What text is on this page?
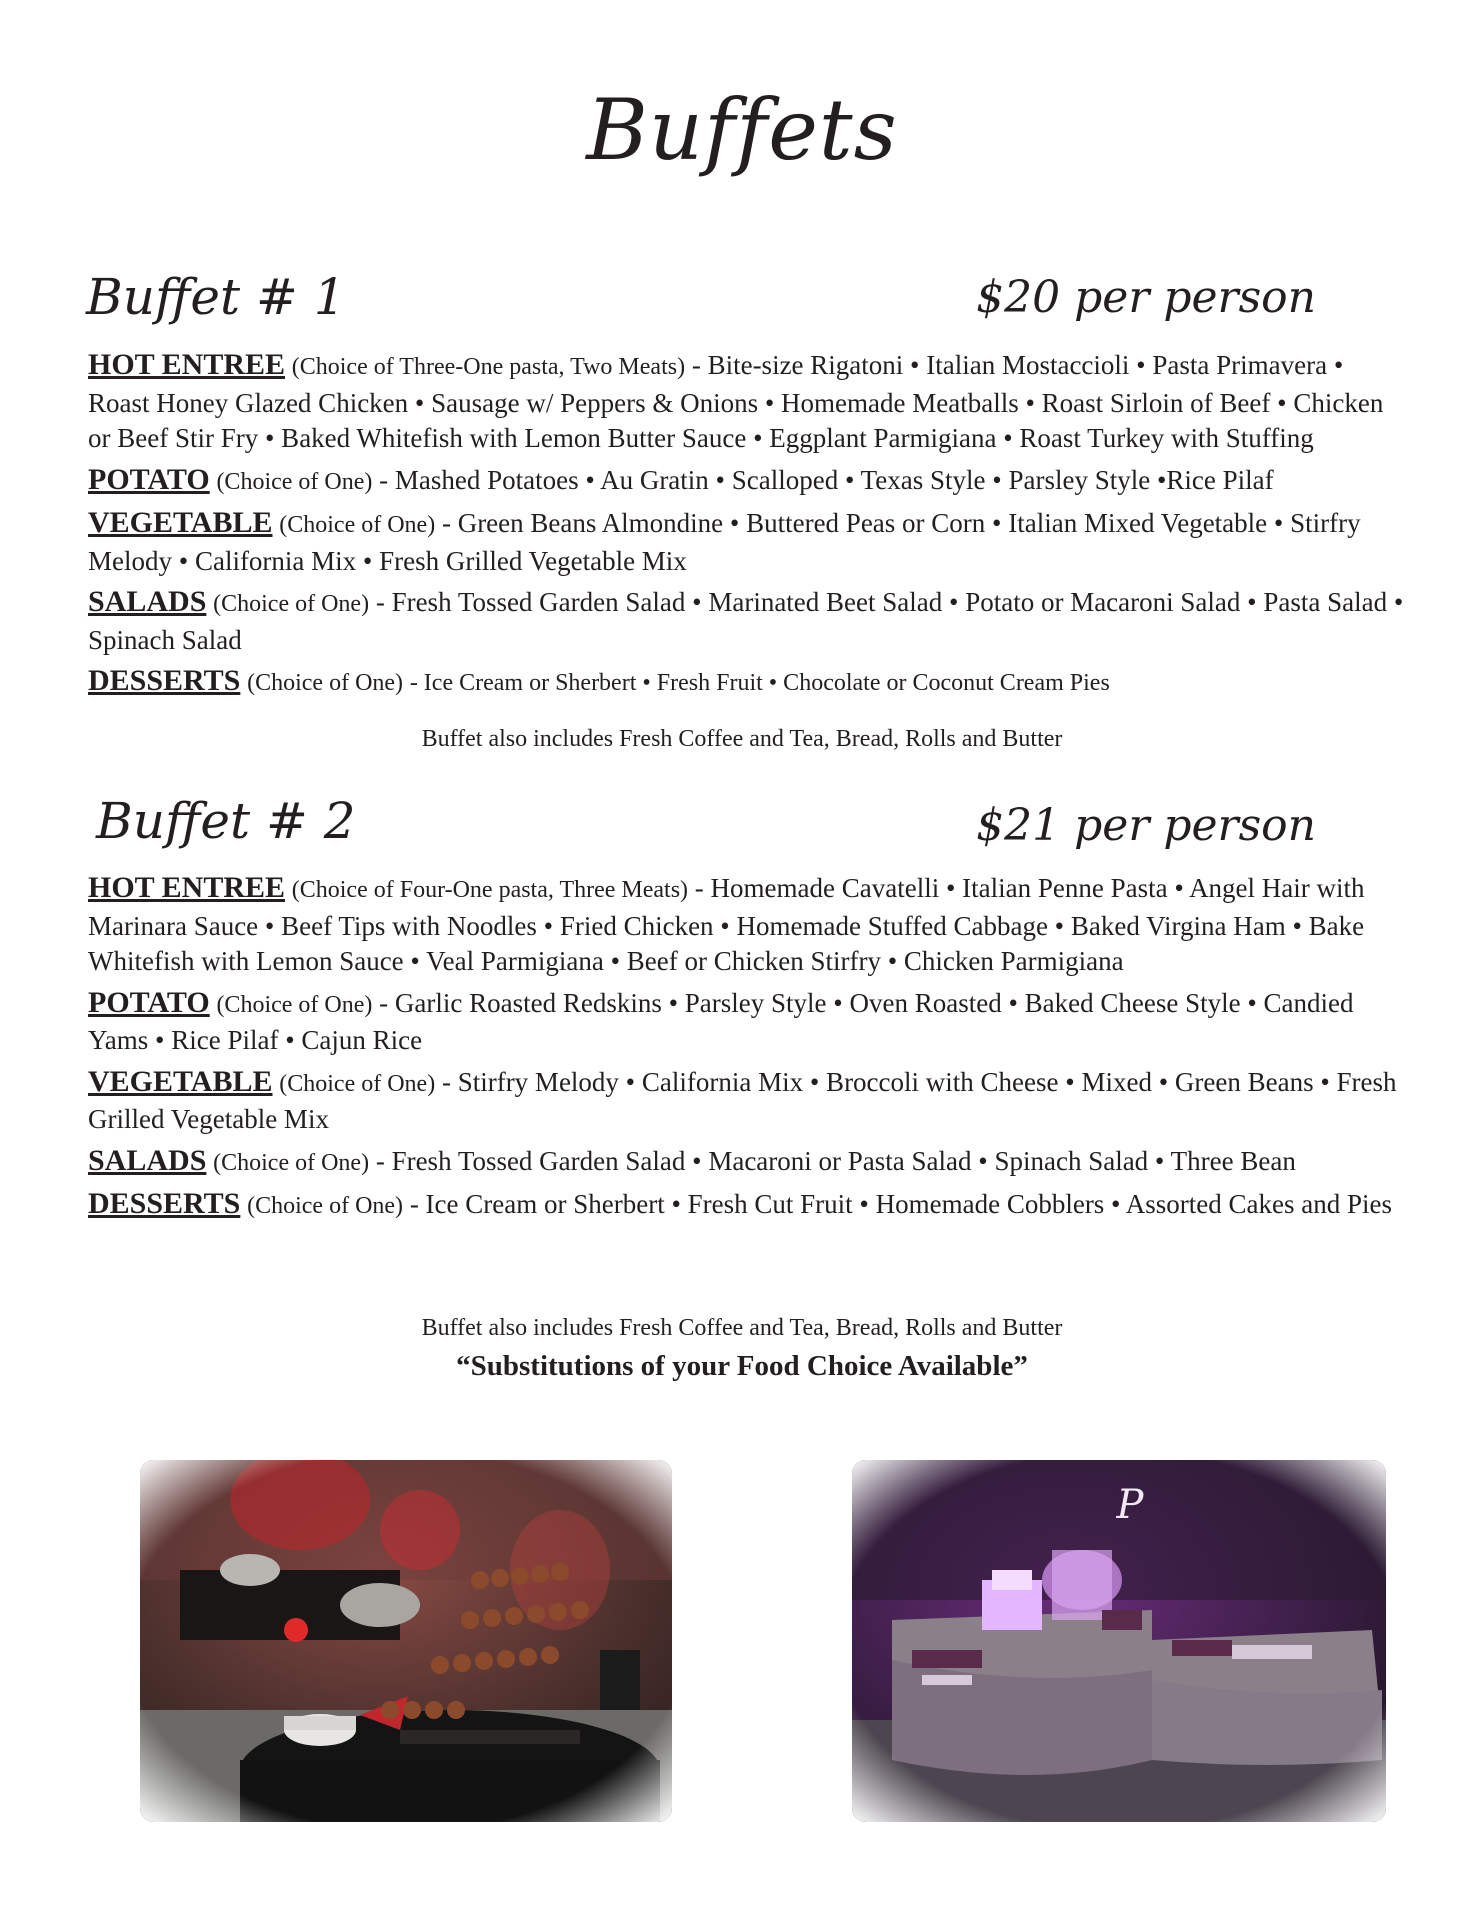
Buffets
Buffet # 1	$20 per person

HOT ENTREE (Choice of Three-One pasta, Two Meats) - Bite-size Rigatoni • Italian Mostaccioli • Pasta Primavera • Roast Honey Glazed Chicken • Sausage w/ Peppers & Onions • Homemade Meatballs • Roast Sirloin of Beef • Chicken or Beef Stir Fry • Baked Whitefish with Lemon Butter Sauce • Eggplant Parmigiana • Roast Turkey with Stuffing

POTATO (Choice of One) - Mashed Potatoes • Au Gratin • Scalloped • Texas Style • Parsley Style •Rice Pilaf

VEGETABLE (Choice of One) - Green Beans Almondine • Buttered Peas or Corn • Italian Mixed Vegetable • Stirfry Melody • California Mix • Fresh Grilled Vegetable Mix

SALADS (Choice of One) - Fresh Tossed Garden Salad • Marinated Beet Salad • Potato or Macaroni Salad • Pasta Salad • Spinach Salad

DESSERTS (Choice of One) - Ice Cream or Sherbert • Fresh Fruit • Chocolate or Coconut Cream Pies

Buffet also includes Fresh Coffee and Tea, Bread, Rolls and Butter
Buffet # 2	$21 per person

HOT ENTREE (Choice of Four-One pasta, Three Meats) - Homemade Cavatelli • Italian Penne Pasta • Angel Hair with Marinara Sauce • Beef Tips with Noodles • Fried Chicken • Homemade Stuffed Cabbage • Baked Virgina Ham • Bake Whitefish with Lemon Sauce • Veal Parmigiana • Beef or Chicken Stirfry • Chicken Parmigiana

POTATO (Choice of One) - Garlic Roasted Redskins • Parsley Style • Oven Roasted • Baked Cheese Style • Candied Yams • Rice Pilaf • Cajun Rice

VEGETABLE (Choice of One) - Stirfry Melody • California Mix • Broccoli with Cheese • Mixed • Green Beans • Fresh Grilled Vegetable Mix

SALADS (Choice of One) - Fresh Tossed Garden Salad • Macaroni or Pasta Salad • Spinach Salad • Three Bean

DESSERTS (Choice of One) - Ice Cream or Sherbert • Fresh Cut Fruit • Homemade Cobblers • Assorted Cakes and Pies

Buffet also includes Fresh Coffee and Tea, Bread, Rolls and Butter
“Substitutions of your Food Choice Available”
